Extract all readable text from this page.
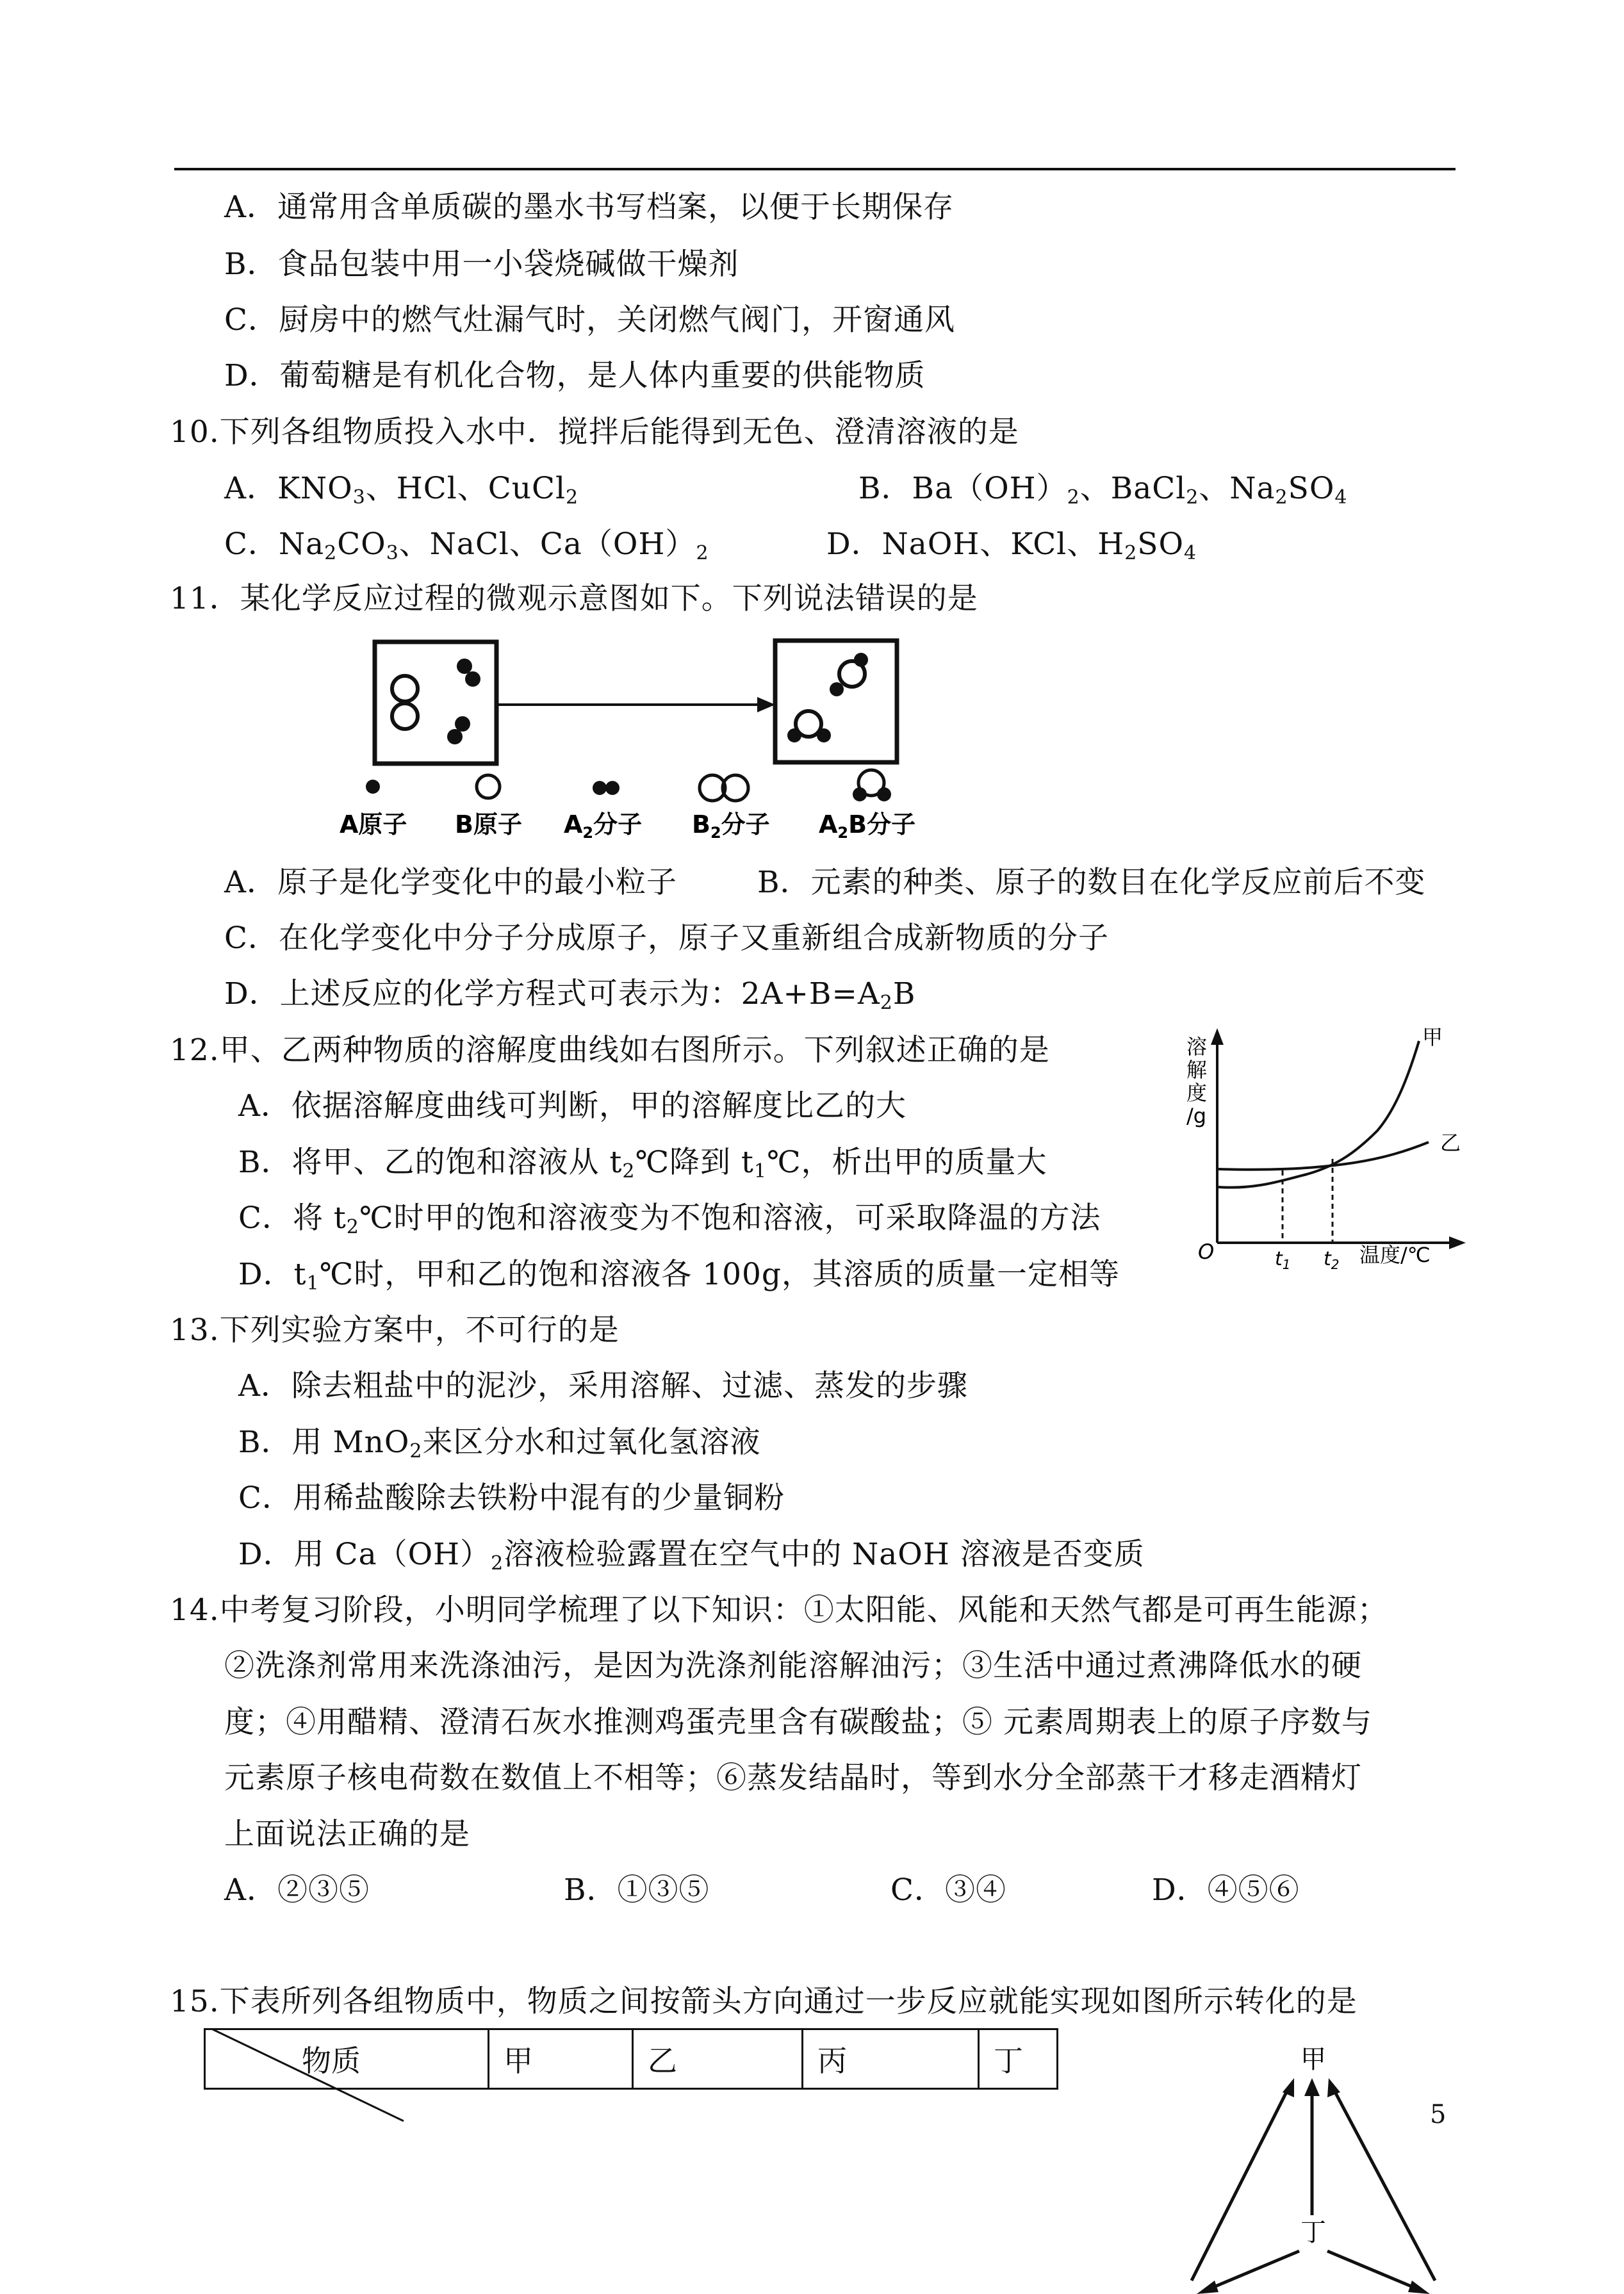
A．通常用含单质碳的墨水书写档案，以便于长期保存
B．食品包装中用一小袋烧碱做干燥剂
C．厨房中的燃气灶漏气时，关闭燃气阀门，开窗通风
D．葡萄糖是有机化合物，是人体内重要的供能物质
10.下列各组物质投入水中．搅拌后能得到无色、澄清溶液的是
A．$KNO_3$、HCl、CuCl$_2$	B．$Ba(OH)_2$、BaCl$_2$、$Na_2SO_4$
C．$Na_2CO_3$、NaCl、$Ca(OH)_2$	D．NaOH、KCl、$H_2SO_4$
11．某化学反应过程的微观示意图如下。下列说法错误的是
A原子 B原子 $A_2$分子 $B_2$分子 $A_2B$分子
A．原子是化学变化中的最小粒子	B．元素的种类、原子的数目在化学反应前后不变
C．在化学变化中分子分成原子，原子又重新组合成新物质的分子
D．上述反应的化学方程式可表示为：$2A+B=A_2B$
12.甲、乙两种物质的溶解度曲线如右图所示。下列叙述正确的是
A．依据溶解度曲线可判断，甲的溶解度比乙的大
B．将甲、乙的饱和溶液从 $t_2℃$降到 $t_1℃$，析出甲的质量大
C．将 $t_2℃$时甲的饱和溶液变为不饱和溶液，可采取降温的方法
D．$t_1℃$时，甲和乙的饱和溶液各 100g，其溶质的质量一定相等
溶
解
度
/g
O	$t_1$ $t_2$ 温度/℃
甲
乙
13.下列实验方案中，不可行的是
A．除去粗盐中的泥沙，采用溶解、过滤、蒸发的步骤
B．用 MnO$_2$来区分水和过氧化氢溶液
C．用稀盐酸除去铁粉中混有的少量铜粉
D．用 $Ca(OH)_2$溶液检验露置在空气中的 NaOH 溶液是否变质
14.中考复习阶段，小明同学梳理了以下知识：①太阳能、风能和天然气都是可再生能源；
②洗涤剂常用来洗涤油污，是因为洗涤剂能溶解油污；③生活中通过煮沸降低水的硬
度；④用醋精、澄清石灰水推测鸡蛋壳里含有碳酸盐；⑤ 元素周期表上的原子序数与
元素原子核电荷数在数值上不相等；⑥蒸发结晶时，等到水分全部蒸干才移走酒精灯
上面说法正确的是
A．②③⑤	B．①③⑤	C．③④	D．④⑤⑥
15.下表所列各组物质中，物质之间按箭头方向通过一步反应就能实现如图所示转化的是
物质	甲	乙	丙	丁	甲
丁
5
